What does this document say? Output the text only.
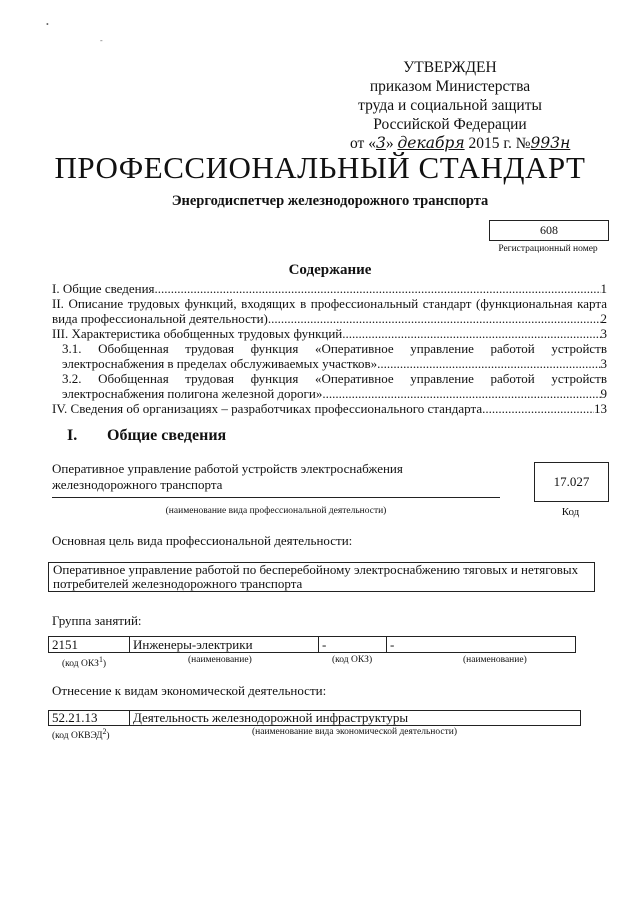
•
-
УТВЕРЖДЕН
приказом Министерства
труда и социальной защиты
Российской Федерации
от «3» декабря 2015 г. №993н
ПРОФЕССИОНАЛЬНЫЙ СТАНДАРТ
Энергодиспетчер железнодорожного транспорта
608
Регистрационный номер
Содержание
I. Общие сведения .....	1
II. Описание трудовых функций, входящих в профессиональный стандарт (функциональная карта
вида профессиональной деятельности) .....	2
III. Характеристика обобщенных трудовых функций .....	3
3.1. Обобщенная трудовая функция «Оперативное управление работой устройств
электроснабжения в пределах обслуживаемых участков» .....	3
3.2. Обобщенная трудовая функция «Оперативное управление работой устройств
электроснабжения полигона железной дороги» .....	9
IV. Сведения об организациях – разработчиках профессионального стандарта .....	13
I. Общие сведения
Оперативное управление работой устройств электроснабжения железнодорожного транспорта
(наименование вида профессиональной деятельности)
17.027
Код
Основная цель вида профессиональной деятельности:
Оперативное управление работой по бесперебойному электроснабжению тяговых и нетяговых потребителей железнодорожного транспорта
Группа занятий:
2151	Инженеры-электрики	-	-
(код ОКЗ$^1$)	(наименование)	(код ОКЗ)	(наименование)
Отнесение к видам экономической деятельности:
52.21.13	Деятельность железнодорожной инфраструктуры
(код ОКВЭД$^2$)	(наименование вида экономической деятельности)
